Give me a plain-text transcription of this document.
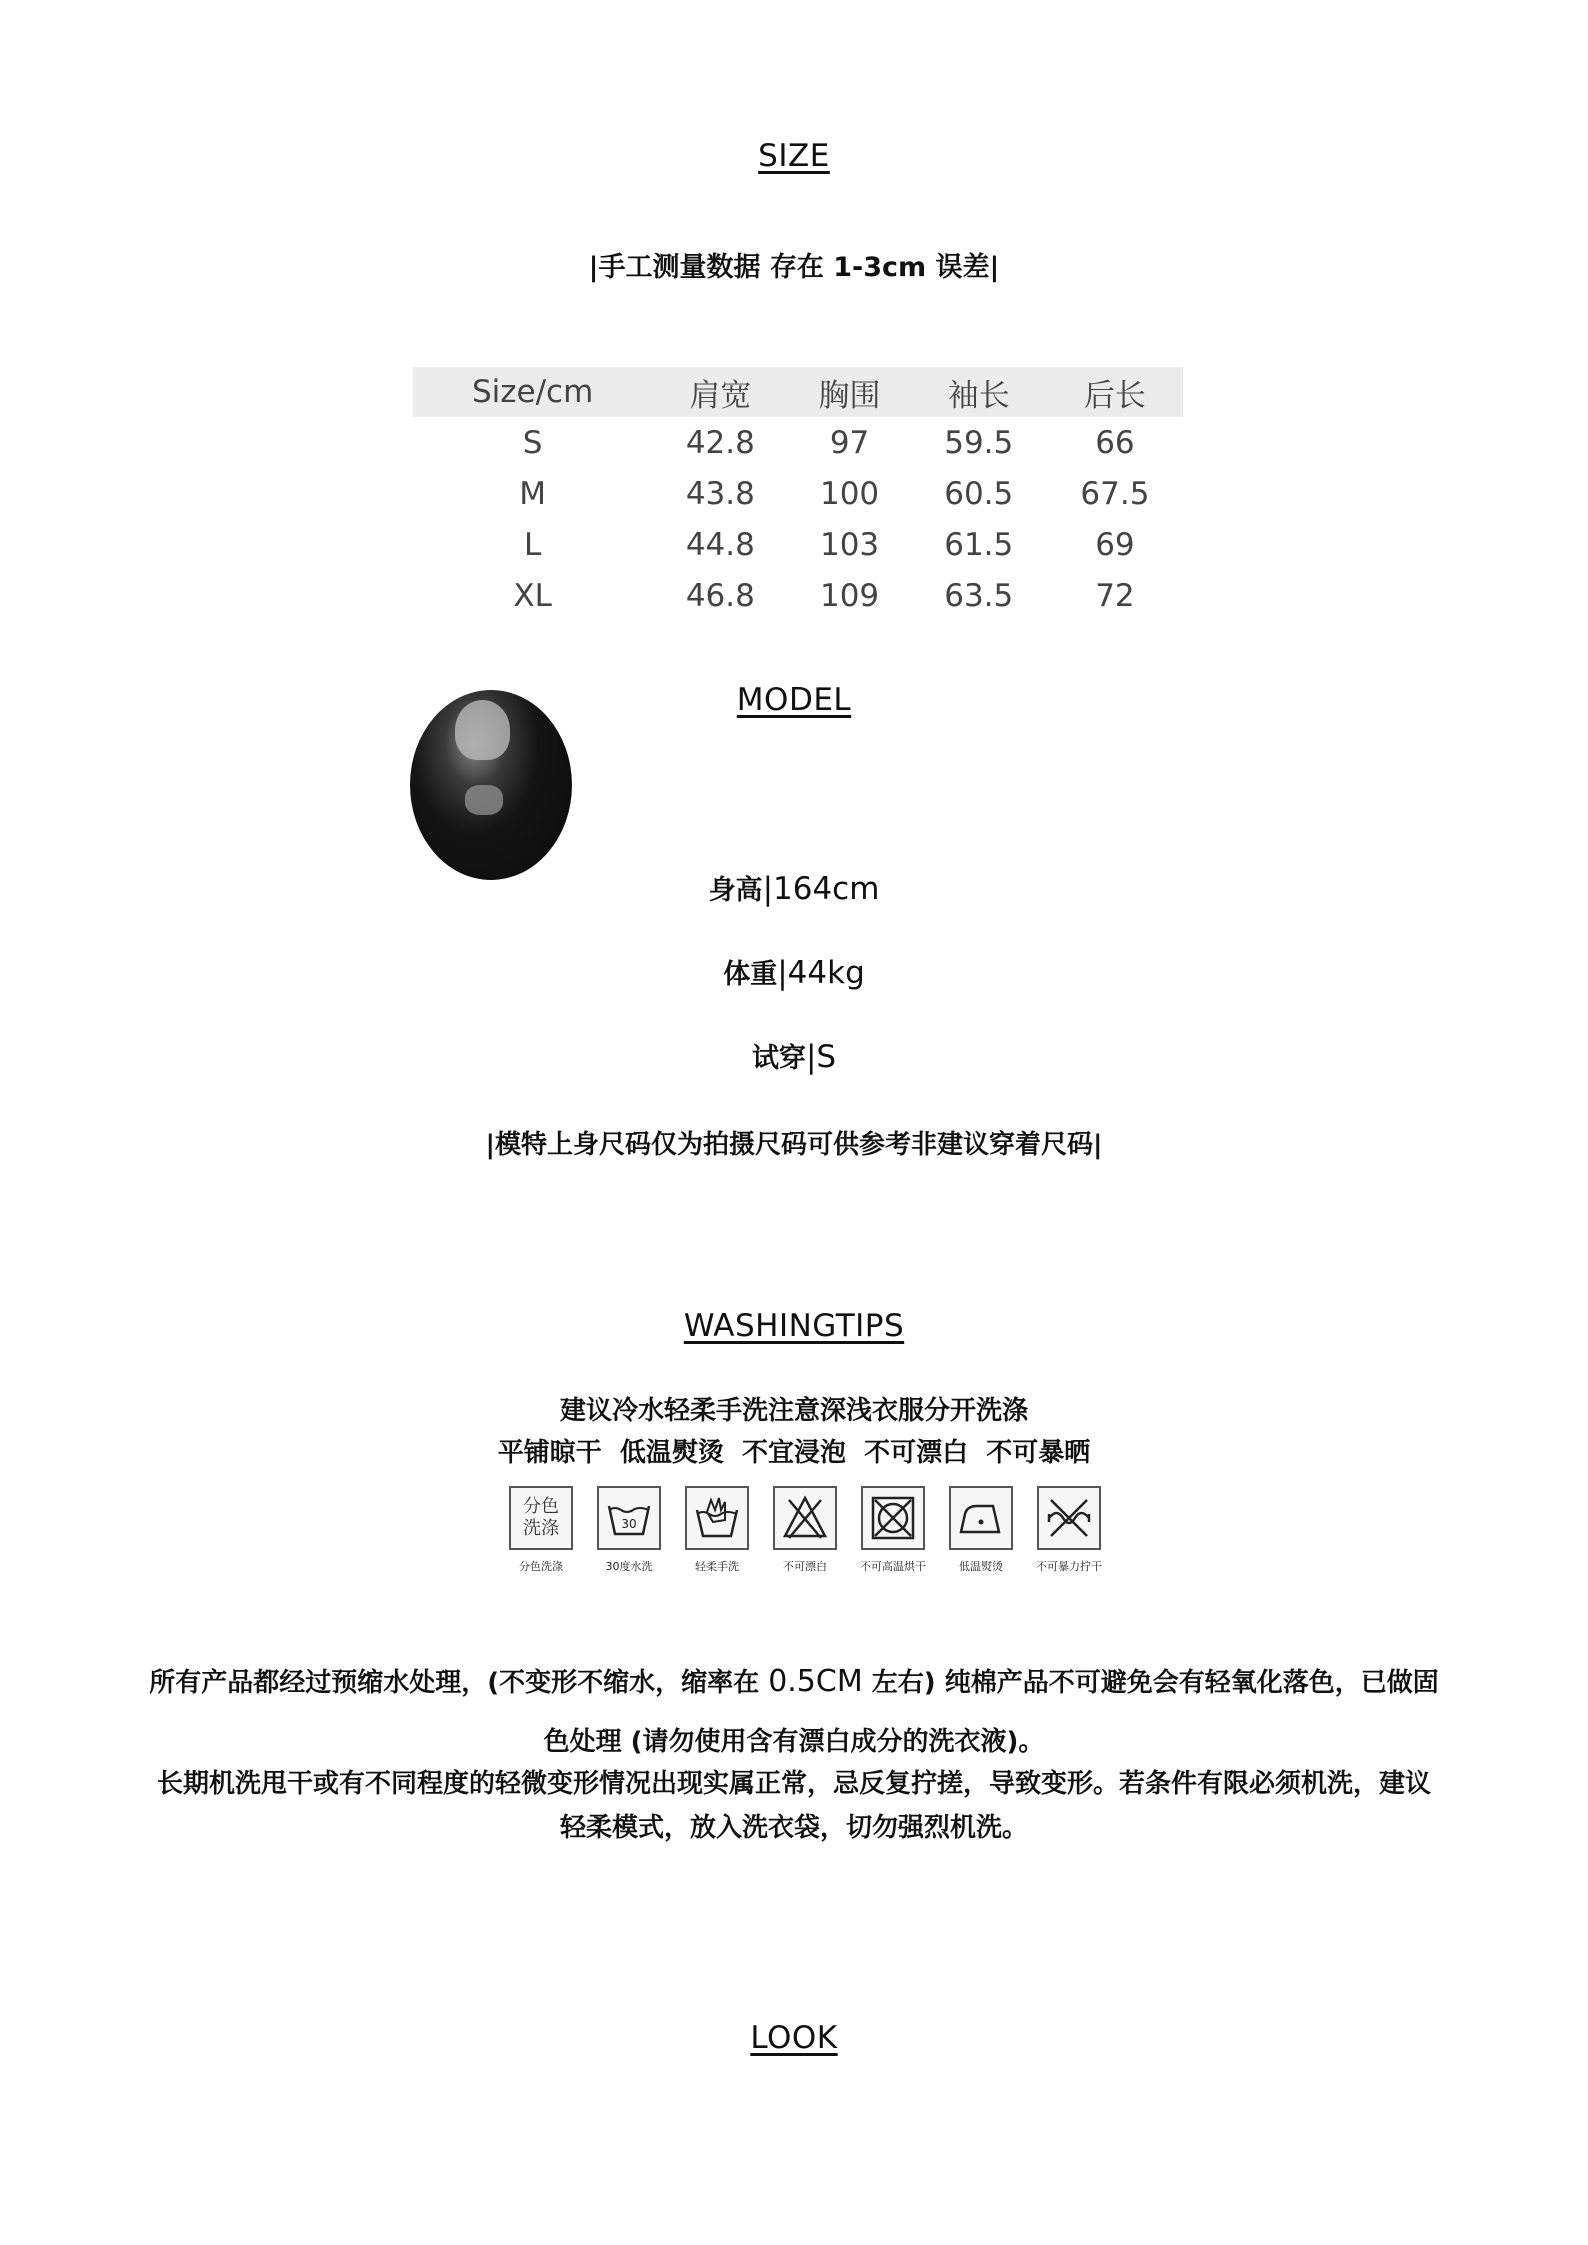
SIZE
|手工测量数据 存在 1-3cm 误差|
Size/cm	肩宽	胸围	袖长	后长
S	42.8	97	59.5	66
M	43.8	100	60.5	67.5
L	44.8	103	61.5	69
XL	46.8	109	63.5	72
MODEL
身高|164cm
体重|44kg
试穿|S
|模特上身尺码仅为拍摄尺码可供参考非建议穿着尺码|
WASHINGTIPS
建议冷水轻柔手洗注意深浅衣服分开洗涤
平铺晾干  低温熨烫  不宜浸泡  不可漂白  不可暴晒
分色
洗涤
分色洗涤
30
30度水洗	轻柔手洗	不可漂白	不可高温烘干	低温熨烫	不可暴力拧干
所有产品都经过预缩水处理，(不变形不缩水，缩率在 0.5CM 左右) 纯棉产品不可避免会有轻氧化落色，已做固
色处理 (请勿使用含有漂白成分的洗衣液)。
长期机洗甩干或有不同程度的轻微变形情况出现实属正常，忌反复拧搓，导致变形。若条件有限必须机洗，建议
轻柔模式，放入洗衣袋，切勿强烈机洗。
LOOK
